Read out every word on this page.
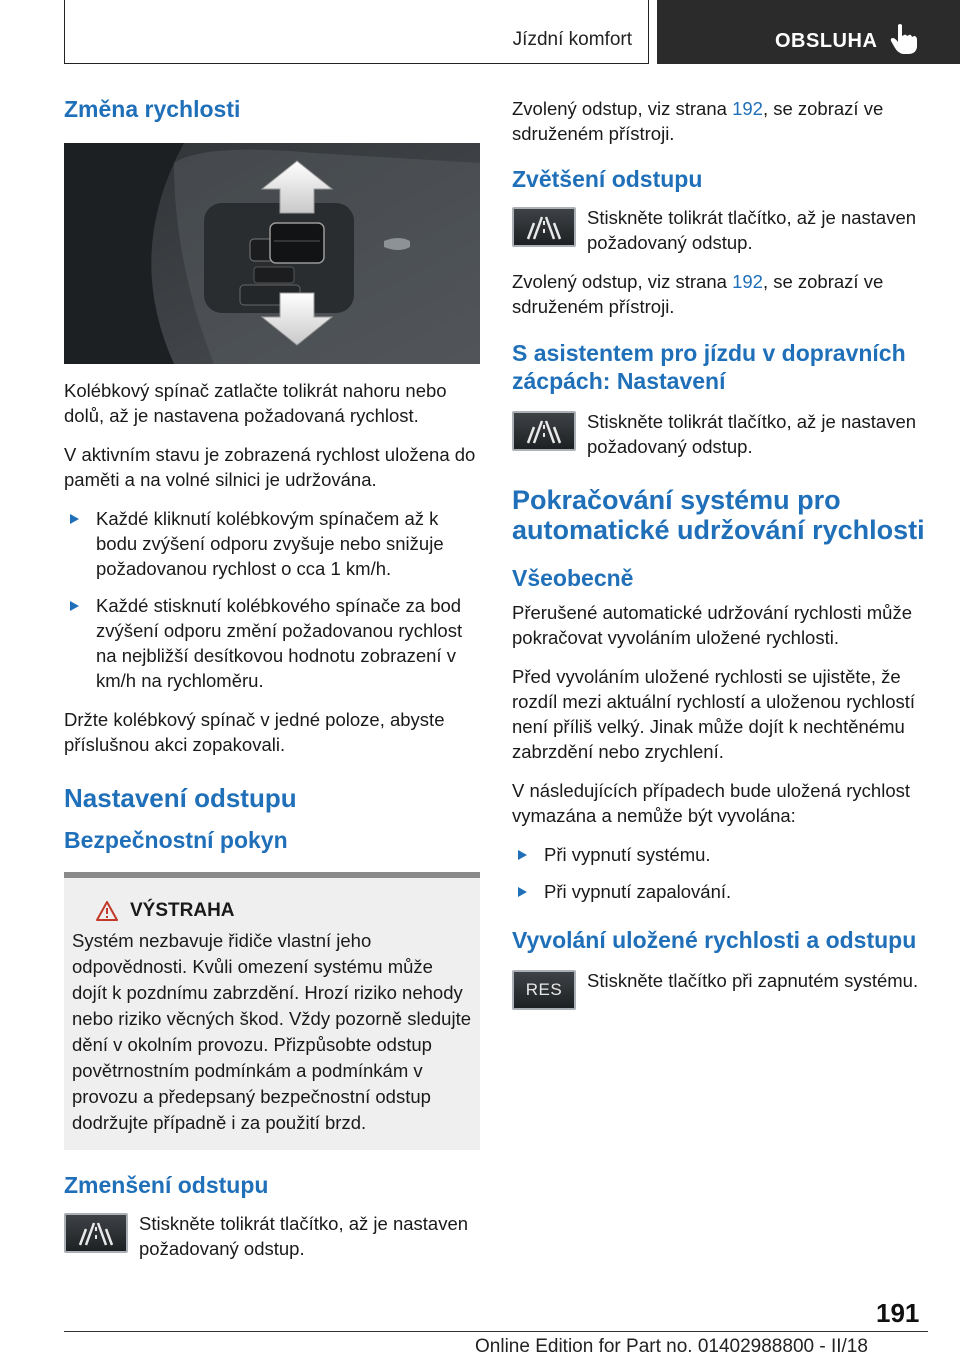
Jízdní komfort	OBSLUHA
Změna rychlosti

Kolébkový spínač zatlačte tolikrát nahoru nebo dolů, až je nastavena požadovaná rychlost.

V aktivním stavu je zobrazená rychlost uložena do paměti a na volné silnici je udržována.

Každé kliknutí kolébkovým spínačem až k bodu zvýšení odporu zvyšuje nebo snižuje požadovanou rychlost o cca 1 km/h.
Každé stisknutí kolébkového spínače za bod zvýšení odporu změní požadovanou rychlost na nejbližší desítkovou hodnotu zobrazení v km/h na rychloměru.

Držte kolébkový spínač v jedné poloze, abyste příslušnou akci zopakovali.

Nastavení odstupu
Bezpečnostní pokyn
VÝSTRAHA

Systém nezbavuje řidiče vlastní jeho odpovědnosti. Kvůli omezení systému může dojít k pozdnímu zabrzdění. Hrozí riziko nehody nebo riziko věcných škod. Vždy pozorně sledujte dění v okolním provozu. Přizpůsobte odstup povětrnostním podmínkám a podmínkám v provozu a předepsaný bezpečnostní odstup dodržujte případně i za použití brzd.

Zmenšení odstupu
Stiskněte tolikrát tlačítko, až je nastaven požadovaný odstup.

Zvolený odstup, viz strana 192, se zobrazí ve sdruženém přístroji.

Zvětšení odstupu
Stiskněte tolikrát tlačítko, až je nastaven požadovaný odstup.

Zvolený odstup, viz strana 192, se zobrazí ve sdruženém přístroji.

S asistentem pro jízdu v dopravních zácpách: Nastavení
Stiskněte tolikrát tlačítko, až je nastaven požadovaný odstup.
Pokračování systému pro automatické udržování rychlosti
Všeobecně

Přerušené automatické udržování rychlosti může pokračovat vyvoláním uložené rychlosti.

Před vyvoláním uložené rychlosti se ujistěte, že rozdíl mezi aktuální rychlostí a uloženou rychlostí není příliš velký. Jinak může dojít k nechtěnému zabrzdění nebo zrychlení.

V následujících případech bude uložená rychlost vymazána a nemůže být vyvolána:

Při vypnutí systému.
Při vypnutí zapalování.
Vyvolání uložené rychlosti a odstupu
RES	Stiskněte tlačítko při zapnutém systému.
191
Online Edition for Part no. 01402988800 - II/18
